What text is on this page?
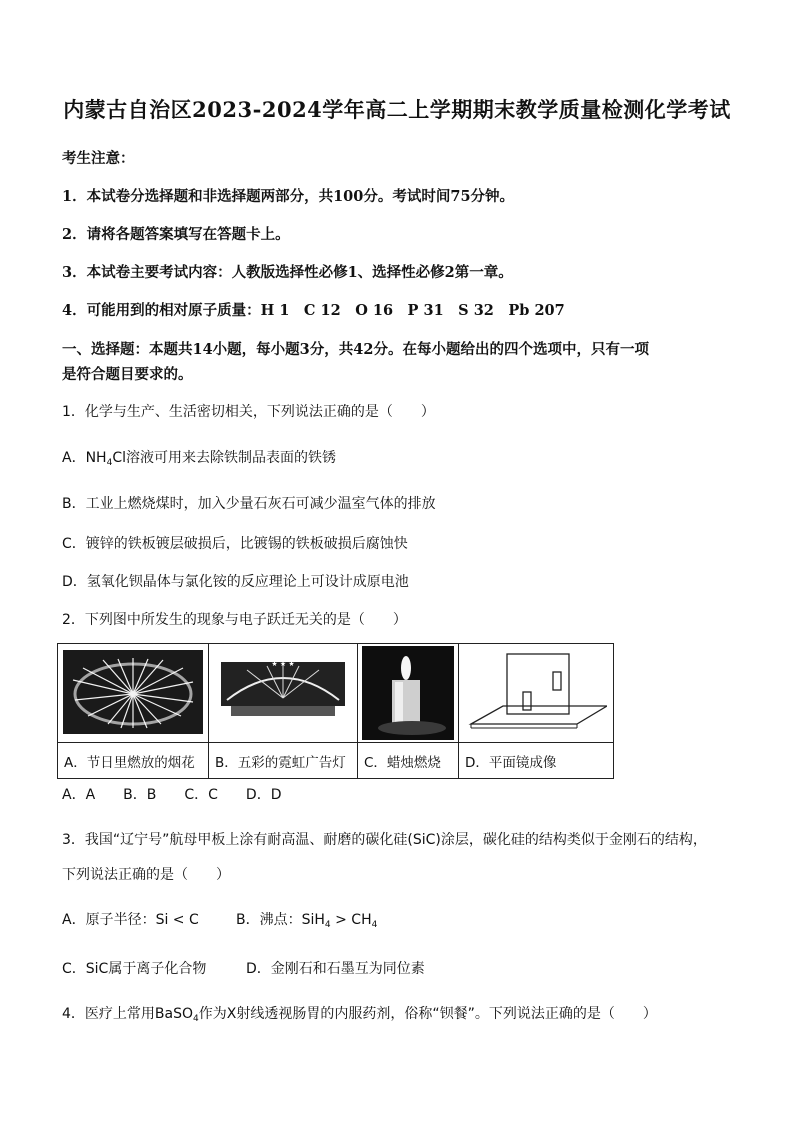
内蒙古自治区2023-2024学年高二上学期期末教学质量检测化学考试
考生注意：
1．本试卷分选择题和非选择题两部分，共100分。考试时间75分钟。
2．请将各题答案填写在答题卡上。
3．本试卷主要考试内容：人教版选择性必修1、选择性必修2第一章。
4．可能用到的相对原子质量：H 1　C 12　O 16　P 31　S 32　Pb 207
一、选择题：本题共14小题，每小题3分，共42分。在每小题给出的四个选项中，只有一项
是符合题目要求的。
1．化学与生产、生活密切相关，下列说法正确的是（　　）
A．$NH_4Cl$溶液可用来去除铁制品表面的铁锈
B．工业上燃烧煤时，加入少量石灰石可减少温室气体的排放
C．镀锌的铁板镀层破损后，比镀锡的铁板破损后腐蚀快
D．氢氧化钡晶体与氯化铵的反应理论上可设计成原电池
2．下列图中所发生的现象与电子跃迁无关的是（　　）

★ ★ ★

A．节日里燃放的烟花	B．五彩的霓虹广告灯	C．蜡烛燃烧	D．平面镜成像
A．A　　B．B　　C．C　　D．D
3．我国“辽宁号”航母甲板上涂有耐高温、耐磨的碳化硅(SiC)涂层，碳化硅的结构类似于金刚石的结构，
下列说法正确的是（　　）
A．原子半径：Si < C	B．沸点：$SiH_4 > CH_4$
C．SiC属于离子化合物	D．金刚石和石墨互为同位素
4．医疗上常用BaSO$_4$作为X射线透视肠胃的内服药剂，俗称“钡餐”。下列说法正确的是（　　）
